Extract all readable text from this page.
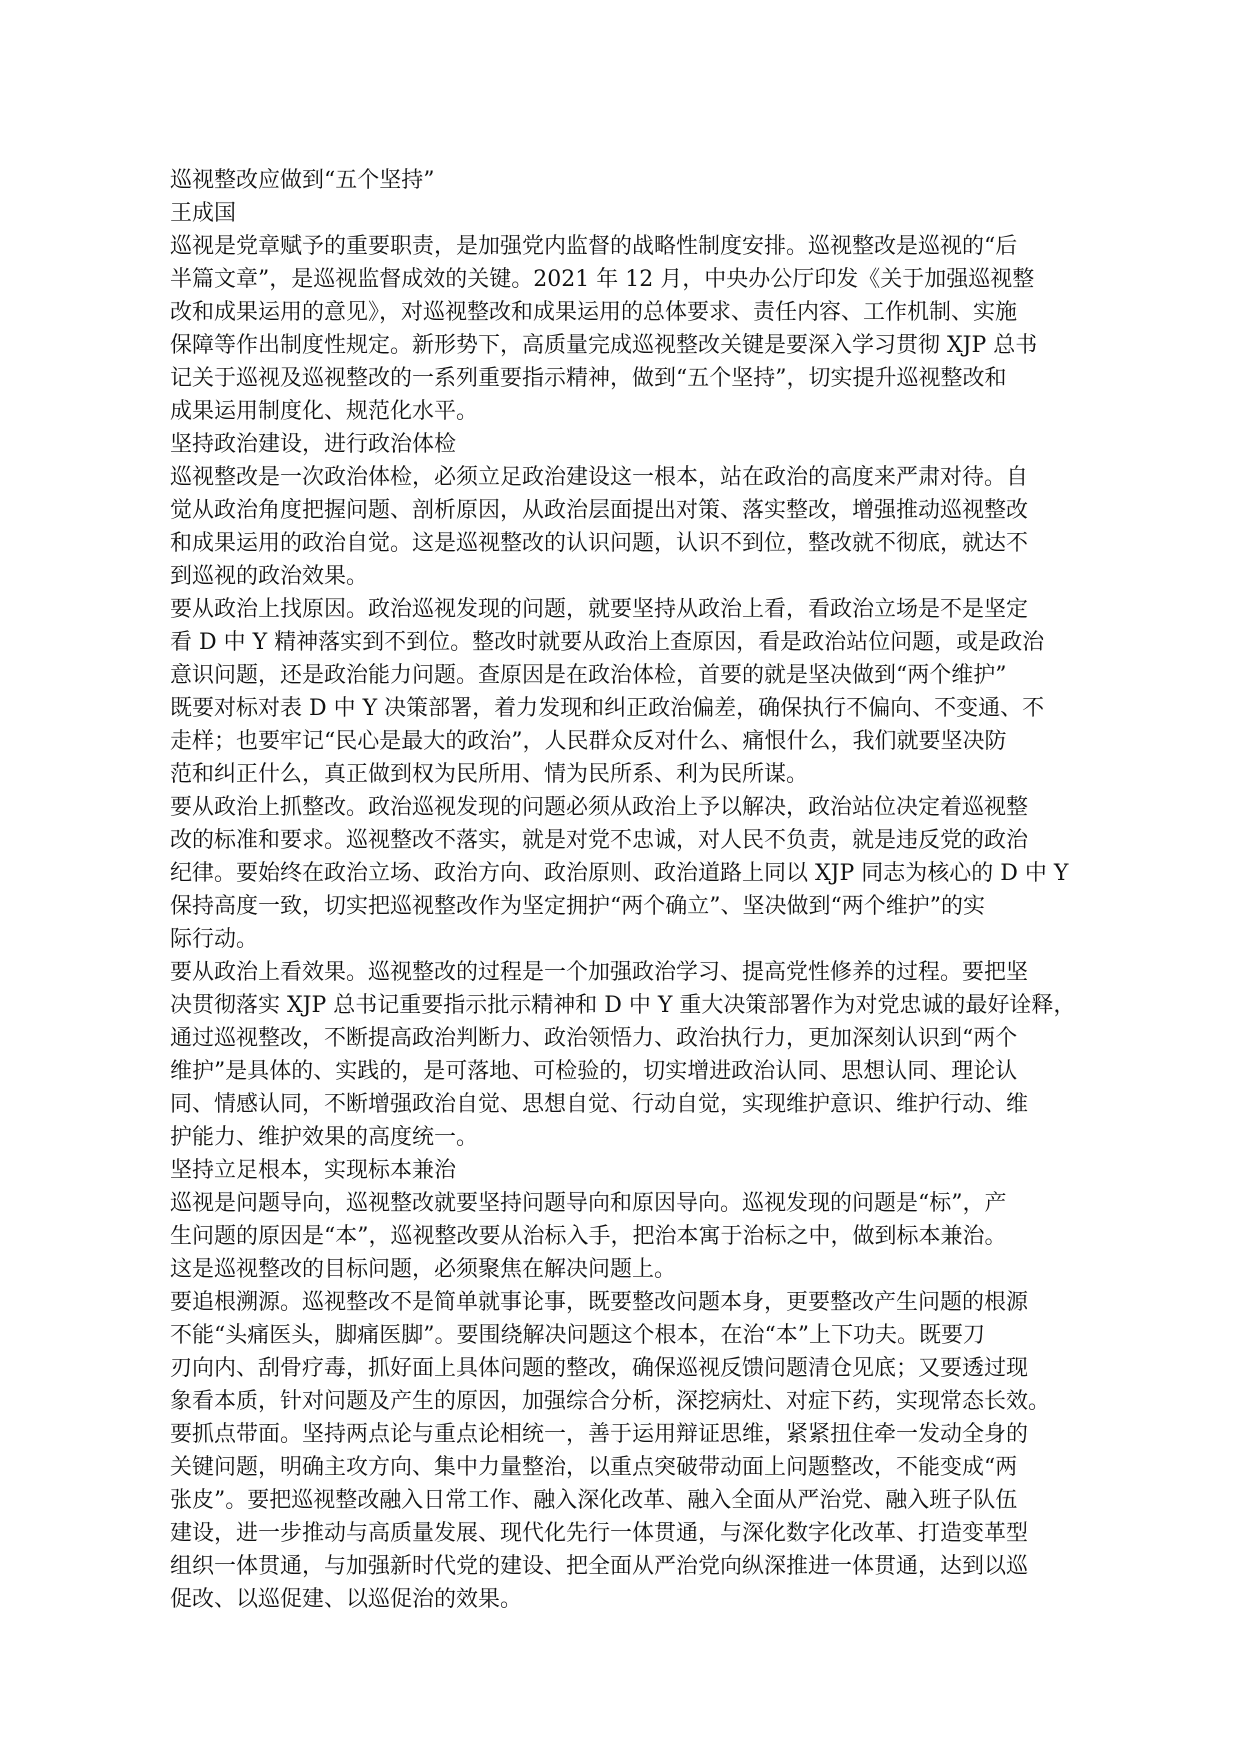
巡视整改应做到“五个坚持”
王成国
巡视是党章赋予的重要职责，是加强党内监督的战略性制度安排。巡视整改是巡视的“后
半篇文章”，是巡视监督成效的关键。2021 年 12 月，中央办公厅印发《关于加强巡视整
改和成果运用的意见》，对巡视整改和成果运用的总体要求、责任内容、工作机制、实施
保障等作出制度性规定。新形势下，高质量完成巡视整改关键是要深入学习贯彻 XJP 总书
记关于巡视及巡视整改的一系列重要指示精神，做到“五个坚持”，切实提升巡视整改和
成果运用制度化、规范化水平。
坚持政治建设，进行政治体检
巡视整改是一次政治体检，必须立足政治建设这一根本，站在政治的高度来严肃对待。自
觉从政治角度把握问题、剖析原因，从政治层面提出对策、落实整改，增强推动巡视整改
和成果运用的政治自觉。这是巡视整改的认识问题，认识不到位，整改就不彻底，就达不
到巡视的政治效果。
要从政治上找原因。政治巡视发现的问题，就要坚持从政治上看，看政治立场是不是坚定
看 D 中 Y 精神落实到不到位。整改时就要从政治上查原因，看是政治站位问题，或是政治
意识问题，还是政治能力问题。查原因是在政治体检，首要的就是坚决做到“两个维护”
既要对标对表 D 中 Y 决策部署，着力发现和纠正政治偏差，确保执行不偏向、不变通、不
走样；也要牢记“民心是最大的政治”，人民群众反对什么、痛恨什么，我们就要坚决防
范和纠正什么，真正做到权为民所用、情为民所系、利为民所谋。
要从政治上抓整改。政治巡视发现的问题必须从政治上予以解决，政治站位决定着巡视整
改的标准和要求。巡视整改不落实，就是对党不忠诚，对人民不负责，就是违反党的政治
纪律。要始终在政治立场、政治方向、政治原则、政治道路上同以 XJP 同志为核心的 D 中 Y
保持高度一致，切实把巡视整改作为坚定拥护“两个确立”、坚决做到“两个维护”的实
际行动。
要从政治上看效果。巡视整改的过程是一个加强政治学习、提高党性修养的过程。要把坚
决贯彻落实 XJP 总书记重要指示批示精神和 D 中 Y 重大决策部署作为对党忠诚的最好诠释，
通过巡视整改，不断提高政治判断力、政治领悟力、政治执行力，更加深刻认识到“两个
维护”是具体的、实践的，是可落地、可检验的，切实增进政治认同、思想认同、理论认
同、情感认同，不断增强政治自觉、思想自觉、行动自觉，实现维护意识、维护行动、维
护能力、维护效果的高度统一。
坚持立足根本，实现标本兼治
巡视是问题导向，巡视整改就要坚持问题导向和原因导向。巡视发现的问题是“标”，产
生问题的原因是“本”，巡视整改要从治标入手，把治本寓于治标之中，做到标本兼治。
这是巡视整改的目标问题，必须聚焦在解决问题上。
要追根溯源。巡视整改不是简单就事论事，既要整改问题本身，更要整改产生问题的根源
不能“头痛医头，脚痛医脚”。要围绕解决问题这个根本，在治“本”上下功夫。既要刀
刃向内、刮骨疗毒，抓好面上具体问题的整改，确保巡视反馈问题清仓见底；又要透过现
象看本质，针对问题及产生的原因，加强综合分析，深挖病灶、对症下药，实现常态长效。
要抓点带面。坚持两点论与重点论相统一，善于运用辩证思维，紧紧扭住牵一发动全身的
关键问题，明确主攻方向、集中力量整治，以重点突破带动面上问题整改，不能变成“两
张皮”。要把巡视整改融入日常工作、融入深化改革、融入全面从严治党、融入班子队伍
建设，进一步推动与高质量发展、现代化先行一体贯通，与深化数字化改革、打造变革型
组织一体贯通，与加强新时代党的建设、把全面从严治党向纵深推进一体贯通，达到以巡
促改、以巡促建、以巡促治的效果。
